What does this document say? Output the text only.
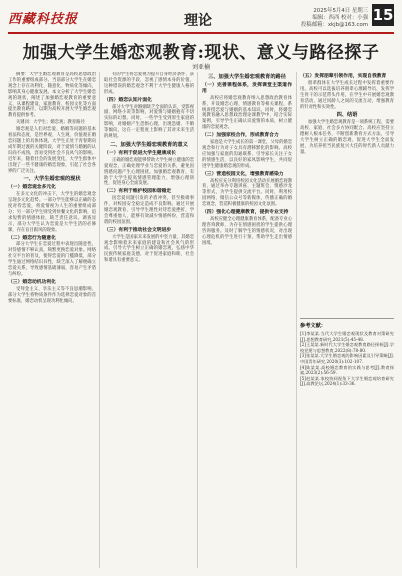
西藏科技报	理论
2025年5月4日 星期三
编辑：西西 校对：小强
投稿邮箱：xkjb@163.com
15
加强大学生婚恋观教育:现状、意义与路径探子
刘亚楠

摘要：大学生婚恋观教育是高校思想政治工作的重要组成部分。当前部分大学生在婚恋观念上存在功利化、随意化、物质化等倾向，影响其身心健康发展。本文分析了大学生婚恋观的现状，阐述了加强婚恋观教育的重要意义，从课程建设、家庭教育、校园文化等方面提出教育路径，以期为高校开展大学生婚恋观教育提供参考。

关键词：大学生；婚恋观；教育路径

婚恋观是人们对恋爱、婚姻等问题的基本看法和态度，是世界观、人生观、价值观在婚恋问题上的具体体现。大学生正处于青春期向成年期过渡的关键阶段，对于爱情与婚姻的认识尚不成熟，容易受到社会不良风气的影响。近年来，随着社会的发展变化，大学生群体中出现了一些不健康的婚恋现象，引起了社会各界的广泛关注。

一、大学生婚恋观的现状
（一）婚恋观念多元化

在多元文化的冲击下，大学生的婚恋观念呈现多元化趋势。一部分学生能够以正确的态度对待恋爱，将爱情视为人生的重要组成部分；另一部分学生则受到快餐文化的影响，追求短暂的情感体验，缺乏责任意识。调查显示，部分大学生认为恋爱是大学生活的必修课，存在盲目跟风的现象。

（二）婚恋行为随意化

部分大学生在恋爱过程中表现出随意性，对待感情不够认真，频繁更换恋爱对象。网络社交平台的普及，使得恋爱的门槛降低，部分学生通过网络结识异性，缺乏深入了解便确立恋爱关系，导致感情基础薄弱，容易产生矛盾与纠纷。

（三）婚恋动机功利化

受拜金主义、享乐主义等不良思潮影响，部分大学生将物质条件作为选择恋爱对象的首要标准，婚恋动机呈现功利化倾向。

有的学生将恋爱视为提升自身经济条件、获取社会资源的手段，忽视了感情本身的价值，这种错误的婚恋观念不利于大学生健康人格的形成。

（四）婚恋认知片面化

部分大学生对婚姻缺乏全面的认识，受影视剧、网络小说等影响，对爱情与婚姻抱有不切实际的幻想。同时，一些学生受到原生家庭的影响，对婚姻产生恐惧心理，出现恐婚、不婚等倾向，这在一定程度上影响了其对未来生活的规划。

二、加强大学生婚恋观教育的意义
（一）有利于促进大学生健康成长

正确的婚恋观能够帮助大学生树立健康的恋爱观念，正确处理学业与恋爱的关系，避免因情感问题产生心理困扰。加强婚恋观教育，有助于大学生提高情感管理能力，增强心理韧性，促进身心全面发展。

（二）有利于维护校园和谐稳定

因恋爱问题引发的矛盾冲突，甚至极端事件，对校园安全稳定造成不良影响。通过开展婚恋观教育，引导学生理性对待恋爱挫折，学会尊重他人，能够有效减少情感纠纷，营造和谐的校园氛围。

（三）有利于推动社会文明进步

大学生是国家未来发展的中坚力量，其婚恋观念影响着未来家庭的建设和社会风气的形成。引导大学生树立正确的婚恋观，弘扬中华民族传统家庭美德，对于促进家庭和睦、社会和谐具有重要意义。

三、加强大学生婚恋观教育的路径
（一）完善课程体系，发挥课堂主渠道作用

高校应将婚恋观教育纳入思想政治教育体系，开设婚恋心理、情感教育等相关课程，系统讲授恋爱与婚姻的基本知识。同时，将婚恋观教育融入思想政治理论课教学中，结合实际案例，引导学生正确认识爱情的本质，树立健康的恋爱观念。

（二）加强家校合作，形成教育合力

家庭是大学生成长的第一课堂，父母的婚恋观念和行为对子女具有潜移默化的影响。高校应加强与家庭的沟通联系，引导家长关注子女的情感生活，以良好的家风影响学生，共同促进学生健康婚恋观的形成。

（三）营造校园文化，增强教育感染力

高校应充分利用校园文化活动开展婚恋观教育，通过举办专题讲座、主题班会、情感沙龙等形式，为学生提供交流平台。同时，利用校园网络、微信公众号等新媒体，传播正确的婚恋观念，营造积极健康的校园文化氛围。

（四）强化心理健康教育，提供专业支持

高校应健全心理健康教育体系，配备专业心理咨询教师，为存在情感困扰的学生提供心理咨询服务。及时了解学生的情感状况，对出现心理危机的学生进行干预，帮助学生走出情感困境。

（五）发挥朋辈引领作用，实现自我教育

朋辈群体在大学生成长过程中发挥着重要作用。高校可以选拔培养朋辈心理辅导员，发挥学生骨干的示范带头作用，在学生中开展婚恋观教育活动，通过同龄人之间的交流互动，增强教育的针对性和实效性。

四、结语

加强大学生婚恋观教育是一项系统工程，需要高校、家庭、社会多方协同配合。高校应坚持立德树人根本任务，不断创新教育方式方法，引导大学生树立正确的婚恋观，促进大学生全面发展，为培养担当民族复兴大任的时代新人贡献力量。

参考文献：

[1]李某某.当代大学生婚恋观现状及教育对策研究[J].思想教育研究,2021(5):45-48.

[2]王某某.新时代大学生婚恋观教育路径探析[J].学校党建与思想教育,2022(8):78-80.

[3]张某某.大学生婚恋观的影响因素及引导策略[J].中国青年研究,2020(3):102-107.

[4]陈某某.高校婚恋教育的实践与思考[J].教育探索,2023(2):56-59.

[5]赵某某.家校协同视角下大学生婚恋观培育研究[J].高教论坛,2024(1):33-36.
